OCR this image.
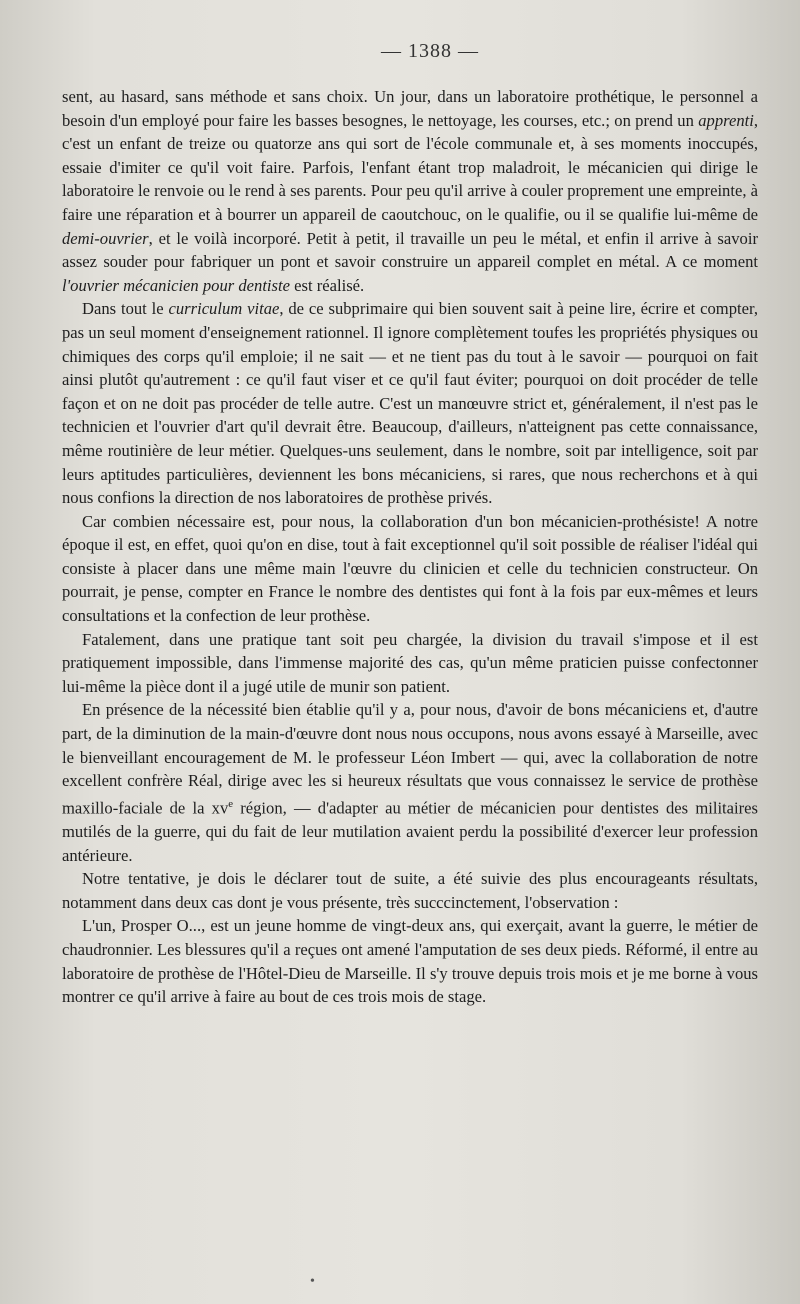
— 1388 —

sent, au hasard, sans méthode et sans choix. Un jour, dans un laboratoire prothétique, le personnel a besoin d'un employé pour faire les basses besognes, le nettoyage, les courses, etc.; on prend un apprenti, c'est un enfant de treize ou quatorze ans qui sort de l'école communale et, à ses moments inoccupés, essaie d'imiter ce qu'il voit faire. Parfois, l'enfant étant trop maladroit, le mécanicien qui dirige le laboratoire le renvoie ou le rend à ses parents. Pour peu qu'il arrive à couler proprement une empreinte, à faire une réparation et à bourrer un appareil de caoutchouc, on le qualifie, ou il se qualifie lui-même de demi-ouvrier, et le voilà incorporé. Petit à petit, il travaille un peu le métal, et enfin il arrive à savoir assez souder pour fabriquer un pont et savoir construire un appareil complet en métal. A ce moment l'ouvrier mécanicien pour dentiste est réalisé.

Dans tout le curriculum vitae, de ce subprimaire qui bien souvent sait à peine lire, écrire et compter, pas un seul moment d'enseignement rationnel. Il ignore complètement toufes les propriétés physiques ou chimiques des corps qu'il emploie; il ne sait — et ne tient pas du tout à le savoir — pourquoi on fait ainsi plutôt qu'autrement : ce qu'il faut viser et ce qu'il faut éviter; pourquoi on doit procéder de telle façon et on ne doit pas procéder de telle autre. C'est un manœuvre strict et, généralement, il n'est pas le technicien et l'ouvrier d'art qu'il devrait être. Beaucoup, d'ailleurs, n'atteignent pas cette connaissance, même routinière de leur métier. Quelques-uns seulement, dans le nombre, soit par intelligence, soit par leurs aptitudes particulières, deviennent les bons mécaniciens, si rares, que nous recherchons et à qui nous confions la direction de nos laboratoires de prothèse privés.

Car combien nécessaire est, pour nous, la collaboration d'un bon mécanicien-prothésiste! A notre époque il est, en effet, quoi qu'on en dise, tout à fait exceptionnel qu'il soit possible de réaliser l'idéal qui consiste à placer dans une même main l'œuvre du clinicien et celle du technicien constructeur. On pourrait, je pense, compter en France le nombre des dentistes qui font à la fois par eux-mêmes et leurs consultations et la confection de leur prothèse.

Fatalement, dans une pratique tant soit peu chargée, la division du travail s'impose et il est pratiquement impossible, dans l'immense majorité des cas, qu'un même praticien puisse confectonner lui-même la pièce dont il a jugé utile de munir son patient.

En présence de la nécessité bien établie qu'il y a, pour nous, d'avoir de bons mécaniciens et, d'autre part, de la diminution de la main-d'œuvre dont nous nous occupons, nous avons essayé à Marseille, avec le bienveillant encouragement de M. le professeur Léon Imbert — qui, avec la collaboration de notre excellent confrère Réal, dirige avec les si heureux résultats que vous connaissez le service de prothèse maxillo-faciale de la $xv^e$ région, — d'adapter au métier de mécanicien pour dentistes des militaires mutilés de la guerre, qui du fait de leur mutilation avaient perdu la possibilité d'exercer leur profession antérieure.

Notre tentative, je dois le déclarer tout de suite, a été suivie des plus encourageants résultats, notamment dans deux cas dont je vous présente, très succcinctement, l'observation :

L'un, Prosper O..., est un jeune homme de vingt-deux ans, qui exerçait, avant la guerre, le métier de chaudronnier. Les blessures qu'il a reçues ont amené l'amputation de ses deux pieds. Réformé, il entre au laboratoire de prothèse de l'Hôtel-Dieu de Marseille. Il s'y trouve depuis trois mois et je me borne à vous montrer ce qu'il arrive à faire au bout de ces trois mois de stage.

•
